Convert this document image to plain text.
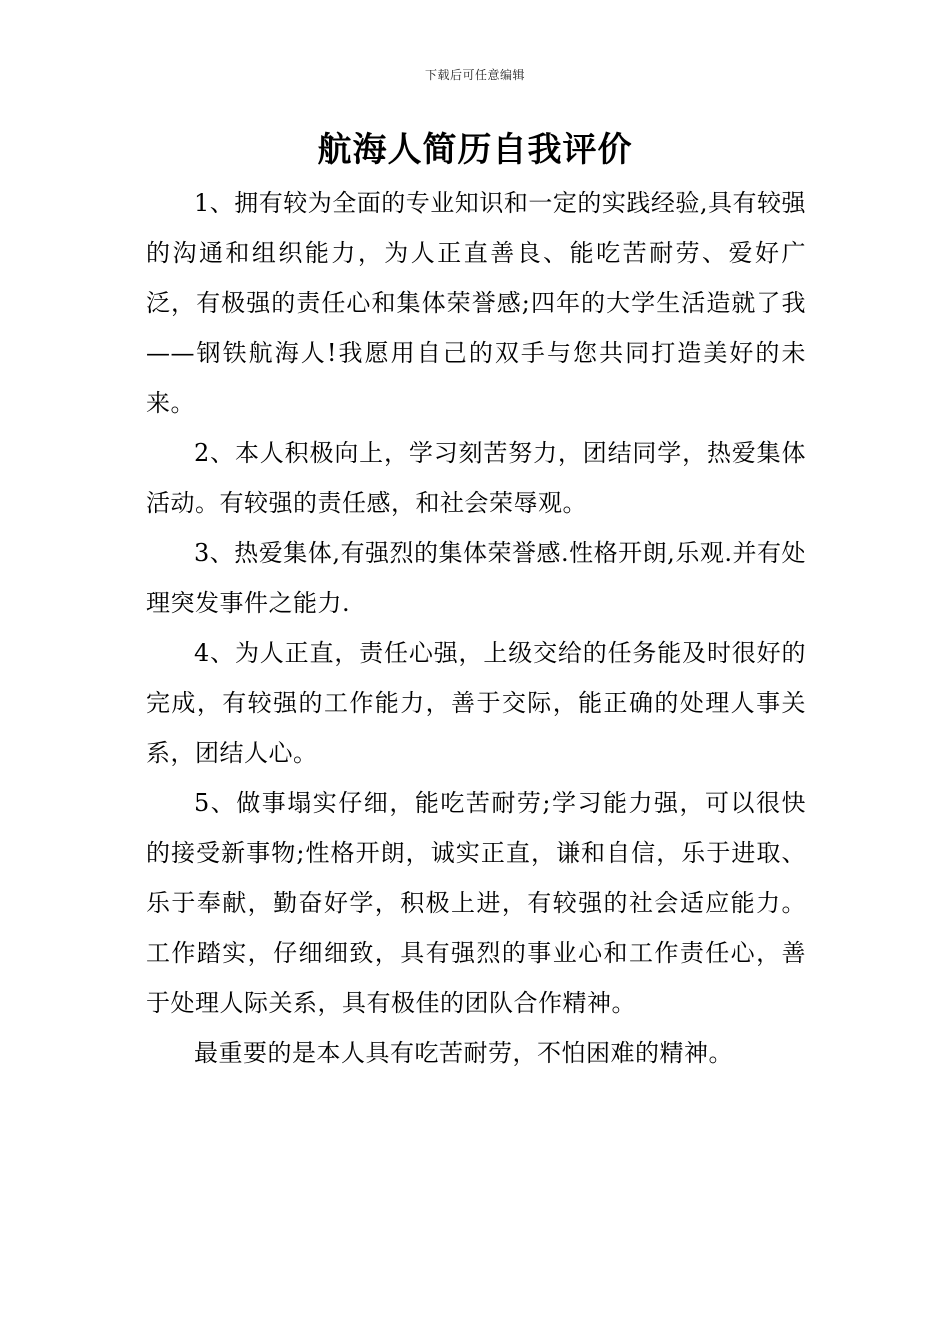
下载后可任意编辑
航海人简历自我评价

1、拥有较为全面的专业知识和一定的实践经验,具有较强的沟通和组织能力，为人正直善良、能吃苦耐劳、爱好广泛，有极强的责任心和集体荣誉感;四年的大学生活造就了我——钢铁航海人!我愿用自己的双手与您共同打造美好的未来。

2、本人积极向上，学习刻苦努力，团结同学，热爱集体活动。有较强的责任感，和社会荣辱观。

3、热爱集体,有强烈的集体荣誉感.性格开朗,乐观.并有处理突发事件之能力.

4、为人正直，责任心强，上级交给的任务能及时很好的完成，有较强的工作能力，善于交际，能正确的处理人事关系，团结人心。

5、做事塌实仔细，能吃苦耐劳;学习能力强，可以很快的接受新事物;性格开朗，诚实正直，谦和自信，乐于进取、乐于奉献，勤奋好学，积极上进，有较强的社会适应能力。工作踏实，仔细细致，具有强烈的事业心和工作责任心，善于处理人际关系，具有极佳的团队合作精神。

最重要的是本人具有吃苦耐劳，不怕困难的精神。
